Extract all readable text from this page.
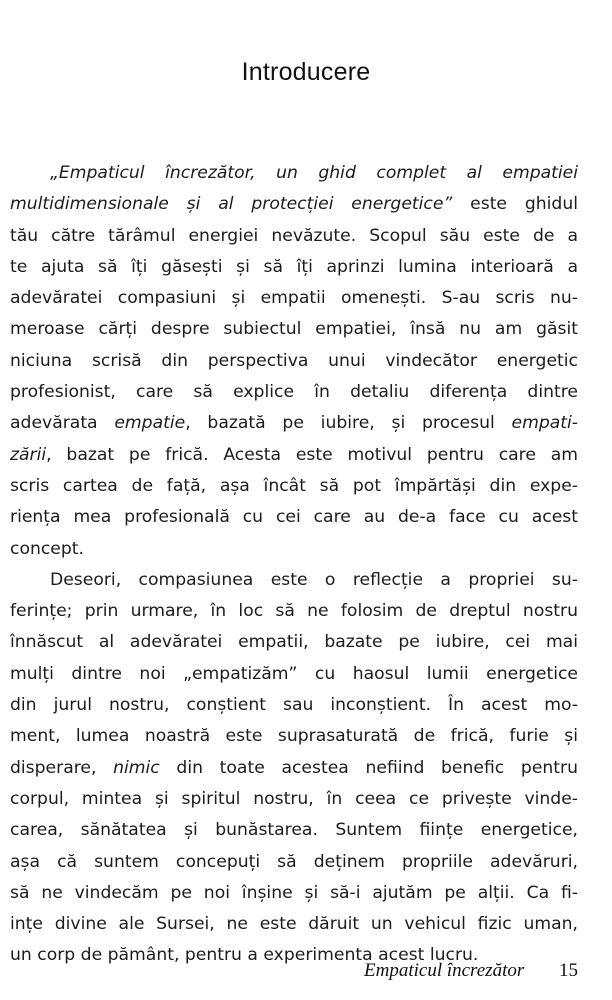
Introducere
„Empaticul încrezător, un ghid complet al empatiei
multidimensionale și al protecției energetice” este ghidul
tău către tărâmul energiei nevăzute. Scopul său este de a
te ajuta să îți găsești și să îți aprinzi lumina interioară a
adevăratei compasiuni și empatii omenești. S-au scris nu-
meroase cărți despre subiectul empatiei, însă nu am găsit
niciuna scrisă din perspectiva unui vindecător energetic
profesionist, care să explice în detaliu diferența dintre
adevărata empatie, bazată pe iubire, și procesul empati-
zării, bazat pe frică. Acesta este motivul pentru care am
scris cartea de față, așa încât să pot împărtăși din expe-
riența mea profesională cu cei care au de-a face cu acest
concept.
Deseori, compasiunea este o reflecție a propriei su-
ferințe; prin urmare, în loc să ne folosim de dreptul nostru
înnăscut al adevăratei empatii, bazate pe iubire, cei mai
mulți dintre noi „empatizăm” cu haosul lumii energetice
din jurul nostru, conștient sau inconștient. În acest mo-
ment, lumea noastră este suprasaturată de frică, furie și
disperare, nimic din toate acestea nefiind benefic pentru
corpul, mintea și spiritul nostru, în ceea ce privește vinde-
carea, sănătatea și bunăstarea. Suntem ființe energetice,
așa că suntem concepuți să deținem propriile adevăruri,
să ne vindecăm pe noi înșine și să-i ajutăm pe alții. Ca fi-
ințe divine ale Sursei, ne este dăruit un vehicul fizic uman,
un corp de pământ, pentru a experimenta acest lucru.
Empaticul încrezător 15
